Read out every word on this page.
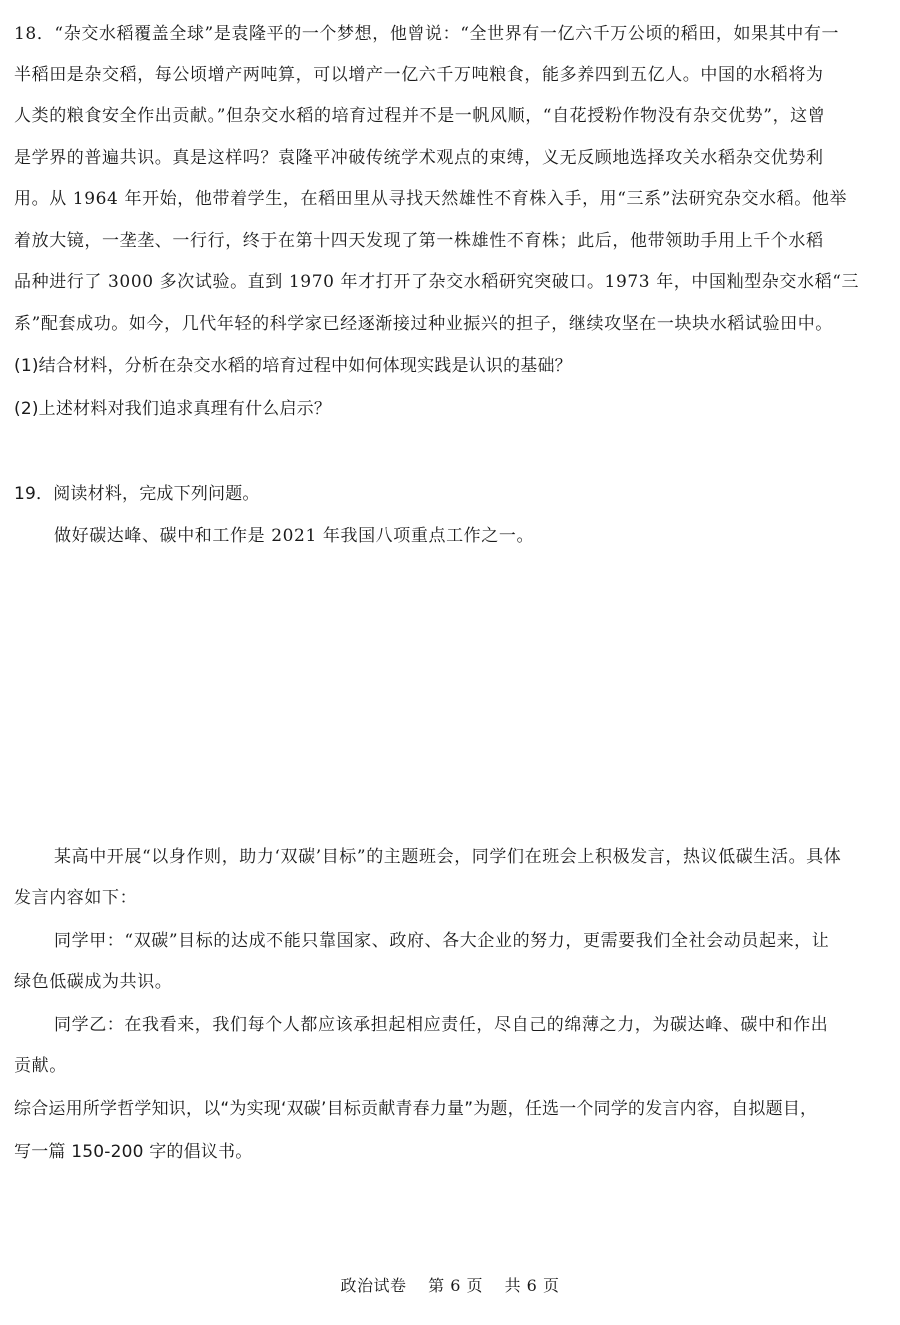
18．“杂交水稻覆盖全球”是袁隆平的一个梦想，他曾说：“全世界有一亿六千万公顷的稻田，如果其中有一
半稻田是杂交稻，每公顷增产两吨算，可以增产一亿六千万吨粮食，能多养四到五亿人。中国的水稻将为
人类的粮食安全作出贡献。”但杂交水稻的培育过程并不是一帆风顺，“自花授粉作物没有杂交优势”，这曾
是学界的普遍共识。真是这样吗？袁隆平冲破传统学术观点的束缚，义无反顾地选择攻关水稻杂交优势利
用。从 1964 年开始，他带着学生，在稻田里从寻找天然雄性不育株入手，用“三系”法研究杂交水稻。他举
着放大镜，一垄垄、一行行，终于在第十四天发现了第一株雄性不育株；此后，他带领助手用上千个水稻
品种进行了 3000 多次试验。直到 1970 年才打开了杂交水稻研究突破口。1973 年，中国籼型杂交水稻“三
系”配套成功。如今，几代年轻的科学家已经逐渐接过种业振兴的担子，继续攻坚在一块块水稻试验田中。
(1)结合材料，分析在杂交水稻的培育过程中如何体现实践是认识的基础？
(2)上述材料对我们追求真理有什么启示？
19．阅读材料，完成下列问题。
做好碳达峰、碳中和工作是 2021 年我国八项重点工作之一。
某高中开展“以身作则，助力‘双碳’目标”的主题班会，同学们在班会上积极发言，热议低碳生活。具体
发言内容如下：
同学甲：“双碳”目标的达成不能只靠国家、政府、各大企业的努力，更需要我们全社会动员起来，让
绿色低碳成为共识。
同学乙：在我看来，我们每个人都应该承担起相应责任，尽自己的绵薄之力，为碳达峰、碳中和作出
贡献。
综合运用所学哲学知识，以“为实现‘双碳’目标贡献青春力量”为题，任选一个同学的发言内容，自拟题目，
写一篇 150-200 字的倡议书。
政治试卷 第 6 页 共 6 页
